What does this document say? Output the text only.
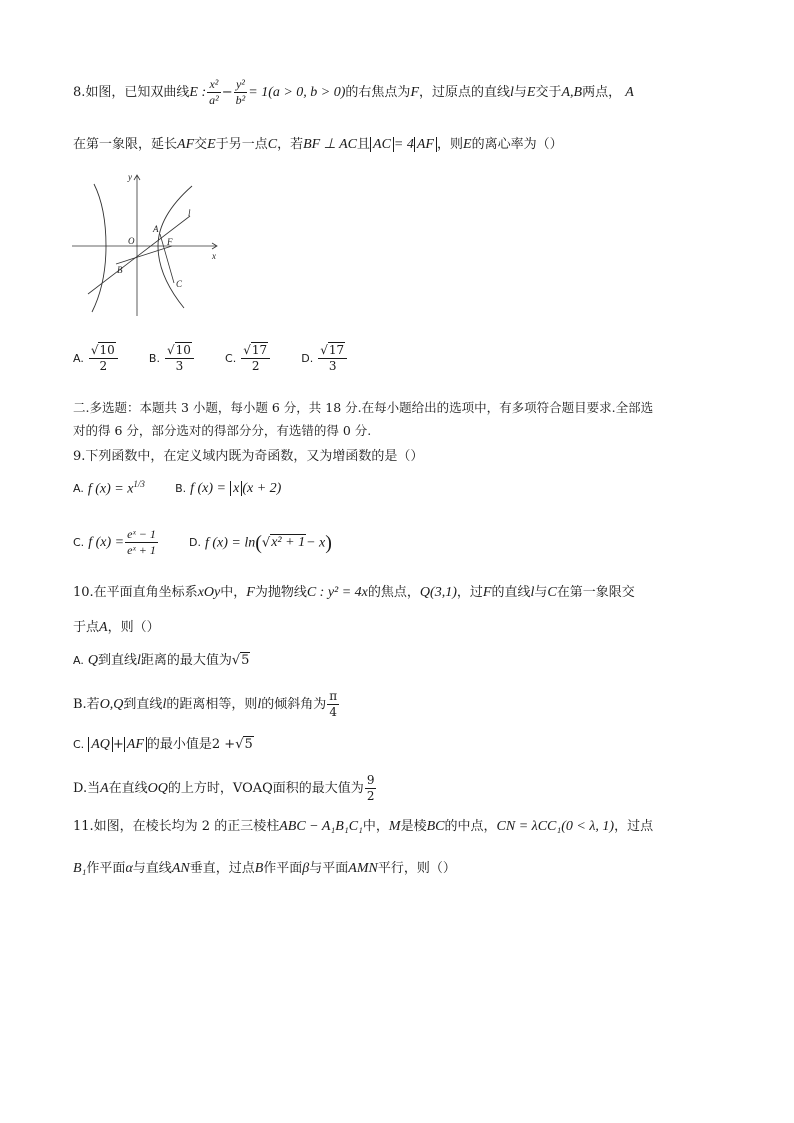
8.如图，已知双曲线E : $\frac{\text{x²}}{\text{a²}} - \frac{\text{y²}}{\text{b²}} = 1(a > 0$, b > 0)的右焦点为F，过原点的直线l与E交于A,B两点， A
在第一象限，延长AF交E于另一点C，若BF ⊥ AC且 AC = 4 AF ，则E的离心率为（）
y
x
O
A
F
B
C
l
A. $\frac{√10}{2}$	B. $\frac{√10}{3}$	C. $\frac{√17}{2}$	D. $\frac{√17}{3}$
二.多选题：本题共 3 小题，每小题 6 分，共 18 分.在每小题给出的选项中，有多项符合题目要求.全部选
对的得 6 分，部分选对的得部分分，有选错的得 0 分.
9.下列函数中，在定义域内既为奇函数，又为增函数的是（）
A. f $(x) = x^{1/3}$	B. f (x) = x (x + 2)
C. f $(x) = \frac{\text{eˣ − 1}}{\text{eˣ + 1}}$	D. f (x) = ln(√x² + 1− x)
10.在平面直角坐标系xOy中，F为抛物线C : y² = 4x的焦点，Q(3,1)，过F的直线l与C在第一象限交
于点A，则（）
A. Q到直线l距离的最大值为√5
B.若O,Q到直线l的距离相等，则l的倾斜角为 $\frac{\pi}{4}$
C. AQ + AF 的最小值是2 +√5
D.当A在直线OQ的上方时，VOAQ面积的最大值为 $\frac{9}{2}$
11.如图，在棱长均为 2 的正三棱柱ABC − A₁B₁C₁中，M是棱BC的中点，CN = λCC₁(0 < λ, 1)，过点
B₁作平面α与直线AN垂直，过点B作平面β与平面AMN平行，则（）
